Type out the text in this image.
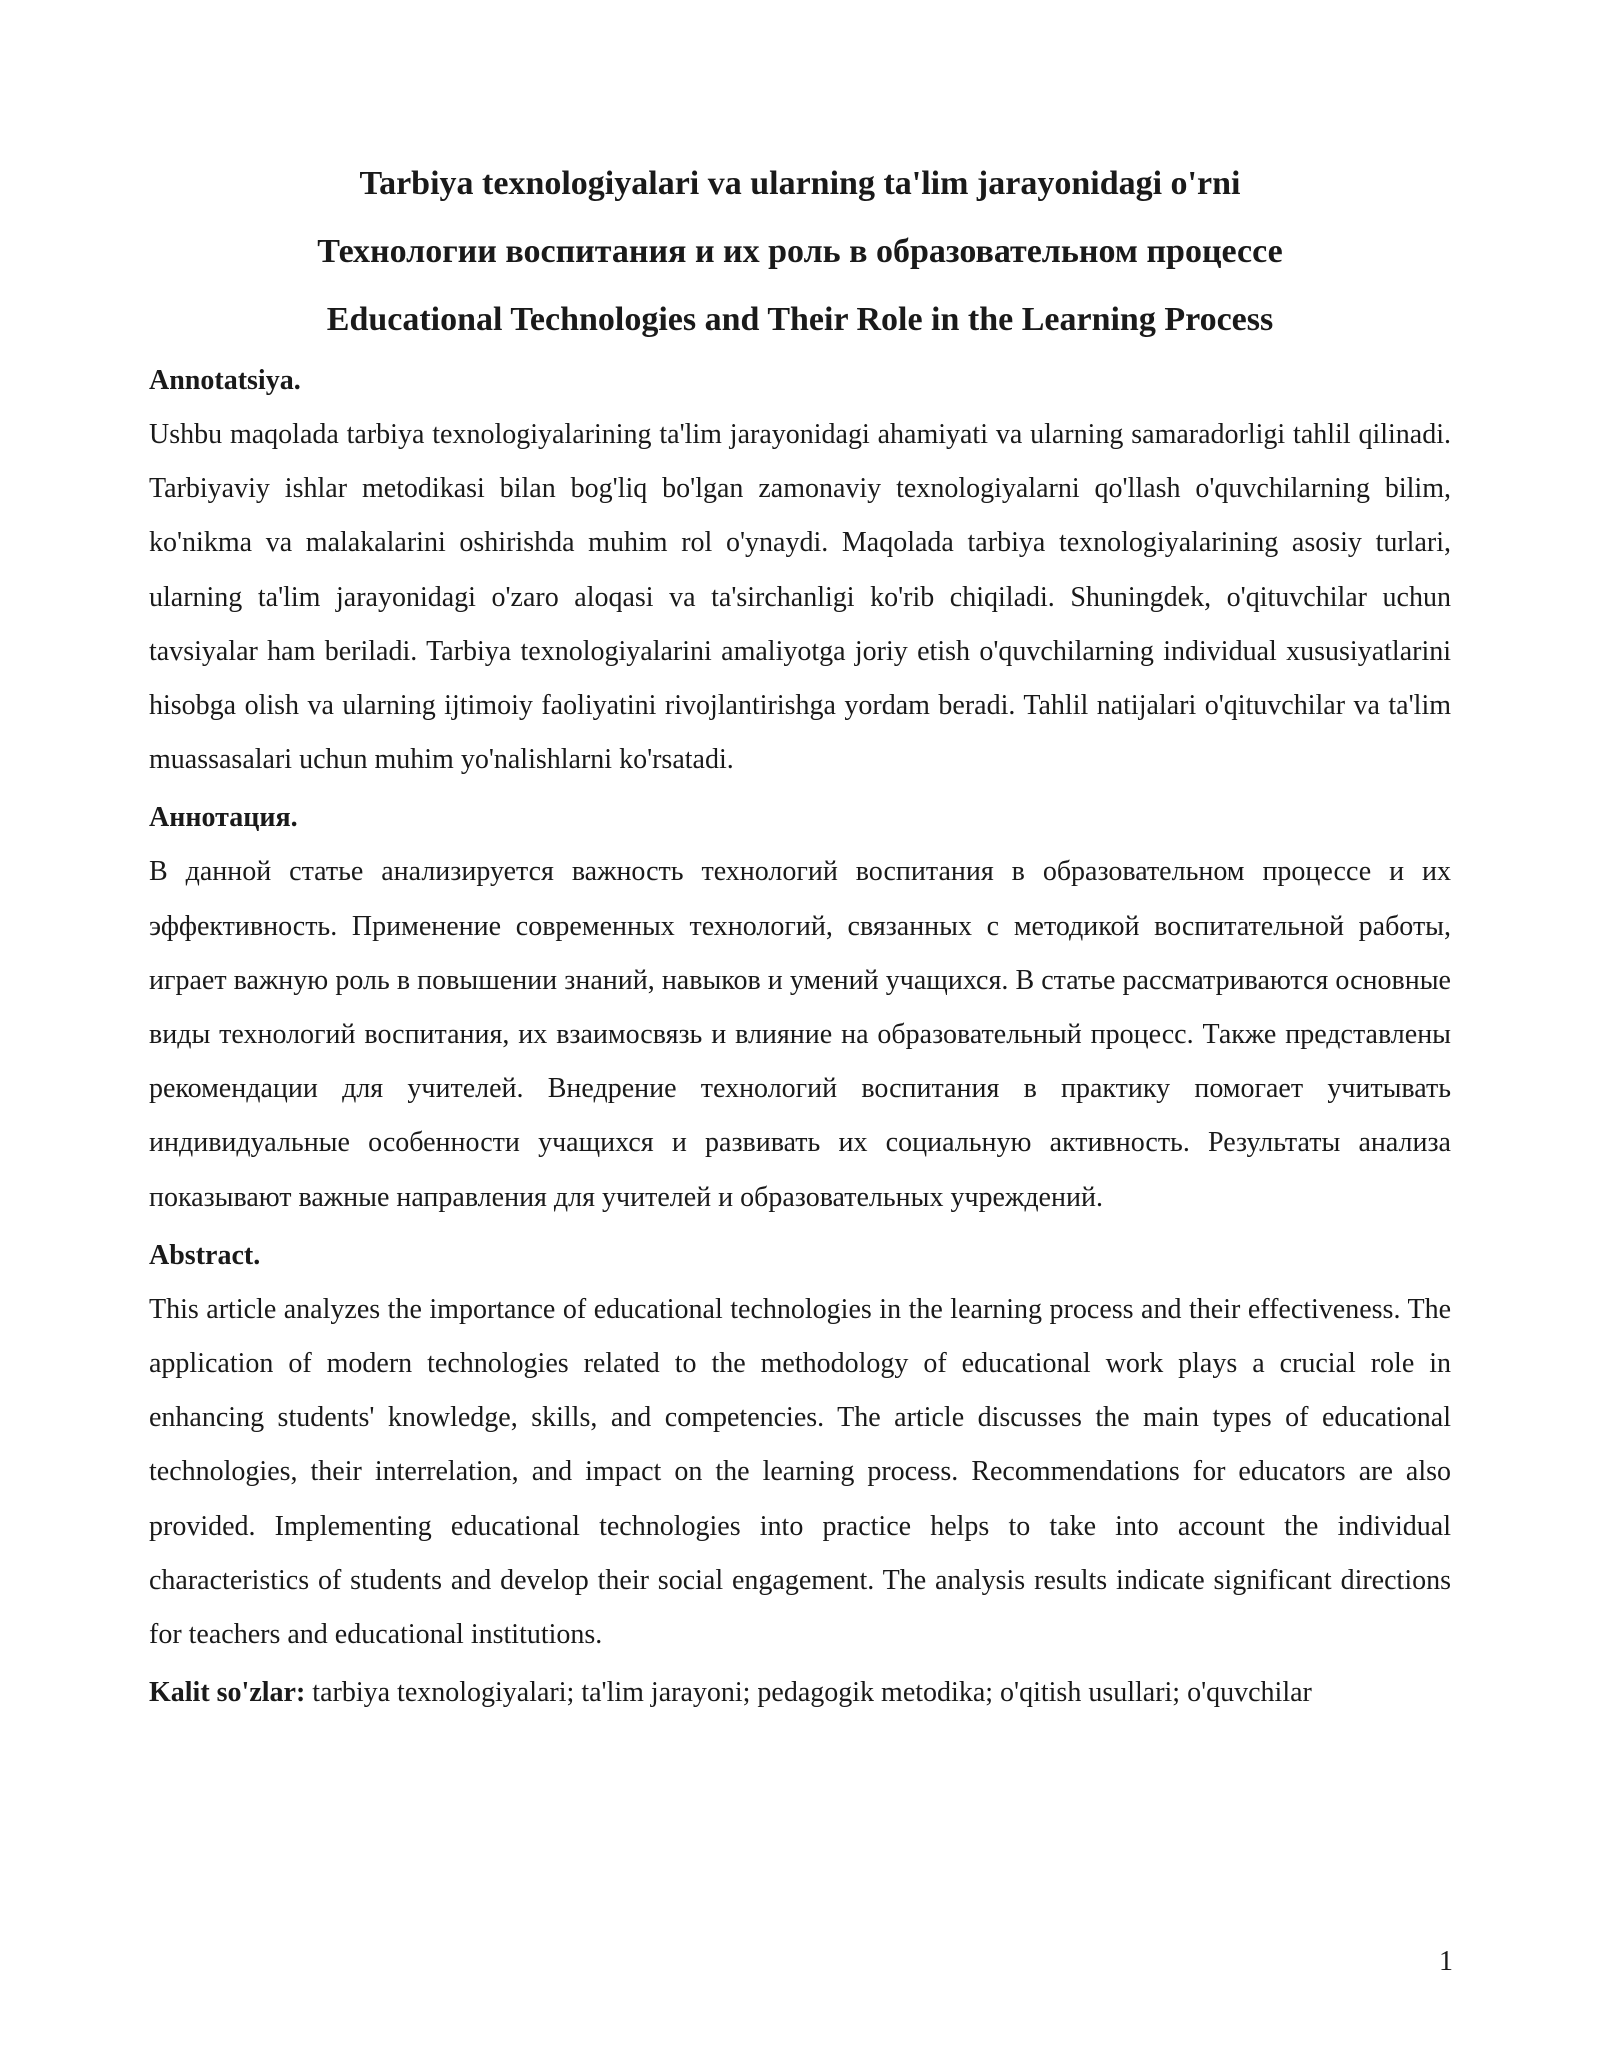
Tarbiya texnologiyalari va ularning ta'lim jarayonidagi o'rni
Технологии воспитания и их роль в образовательном процессе
Educational Technologies and Their Role in the Learning Process

Annotatsiya.

Ushbu maqolada tarbiya texnologiyalarining ta'lim jarayonidagi ahamiyati va ularning samaradorligi tahlil qilinadi. Tarbiyaviy ishlar metodikasi bilan bog'liq bo'lgan zamonaviy texnologiyalarni qo'llash o'quvchilarning bilim, ko'nikma va malakalarini oshirishda muhim rol o'ynaydi. Maqolada tarbiya texnologiyalarining asosiy turlari, ularning ta'lim jarayonidagi o'zaro aloqasi va ta'sirchanligi ko'rib chiqiladi. Shuningdek, o'qituvchilar uchun tavsiyalar ham beriladi. Tarbiya texnologiyalarini amaliyotga joriy etish o'quvchilarning individual xususiyatlarini hisobga olish va ularning ijtimoiy faoliyatini rivojlantirishga yordam beradi. Tahlil natijalari o'qituvchilar va ta'lim muassasalari uchun muhim yo'nalishlarni ko'rsatadi.

Аннотация.

В данной статье анализируется важность технологий воспитания в образовательном процессе и их эффективность. Применение современных технологий, связанных с методикой воспитательной работы, играет важную роль в повышении знаний, навыков и умений учащихся. В статье рассматриваются основные виды технологий воспитания, их взаимосвязь и влияние на образовательный процесс. Также представлены рекомендации для учителей. Внедрение технологий воспитания в практику помогает учитывать индивидуальные особенности учащихся и развивать их социальную активность. Результаты анализа показывают важные направления для учителей и образовательных учреждений.

Abstract.

This article analyzes the importance of educational technologies in the learning process and their effectiveness. The application of modern technologies related to the methodology of educational work plays a crucial role in enhancing students' knowledge, skills, and competencies. The article discusses the main types of educational technologies, their interrelation, and impact on the learning process. Recommendations for educators are also provided. Implementing educational technologies into practice helps to take into account the individual characteristics of students and develop their social engagement. The analysis results indicate significant directions for teachers and educational institutions.

Kalit so'zlar: tarbiya texnologiyalari; ta'lim jarayoni; pedagogik metodika; o'qitish usullari; o'quvchilar

1
